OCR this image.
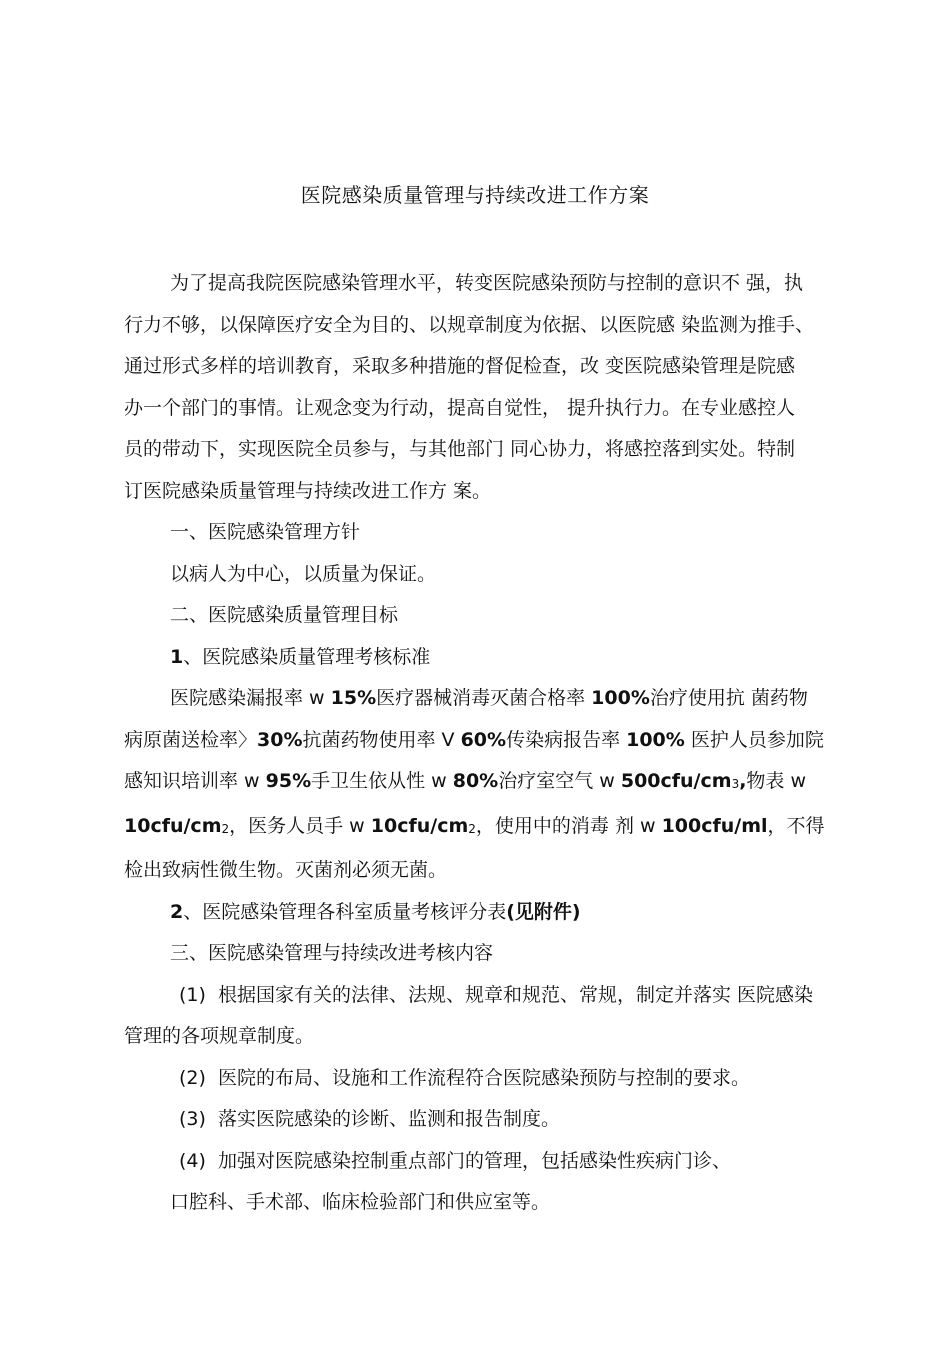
医院感染质量管理与持续改进工作方案

为了提高我院医院感染管理水平，转变医院感染预防与控制的意识不 强，执

行力不够，以保障医疗安全为目的、以规章制度为依据、以医院感 染监测为推手、

通过形式多样的培训教育，采取多种措施的督促检查，改 变医院感染管理是院感

办一个部门的事情。让观念变为行动，提高自觉性， 提升执行力。在专业感控人

员的带动下，实现医院全员参与，与其他部门 同心协力，将感控落到实处。特制

订医院感染质量管理与持续改进工作方 案。

一、医院感染管理方针

以病人为中心，以质量为保证。

二、医院感染质量管理目标

1、医院感染质量管理考核标准

医院感染漏报率 w 15%医疗器械消毒灭菌合格率 100%治疗使用抗 菌药物

病原菌送检率〉30%抗菌药物使用率 V 60%传染病报告率 100% 医护人员参加院

感知识培训率 w 95%手卫生依从性 w 80%治疗室空气 w $500cfu/cm_3$,物表 w

$10cfu/cm_2$，医务人员手 w $10cfu/cm_2$，使用中的消毒 剂 w 100cfu/ml，不得

检出致病性微生物。灭菌剂必须无菌。

2、医院感染管理各科室质量考核评分表(见附件)

三、医院感染管理与持续改进考核内容

(1) 根据国家有关的法律、法规、规章和规范、常规，制定并落实 医院感染

管理的各项规章制度。

(2) 医院的布局、设施和工作流程符合医院感染预防与控制的要求。

(3) 落实医院感染的诊断、监测和报告制度。

(4) 加强对医院感染控制重点部门的管理，包括感染性疾病门诊、

口腔科、手术部、临床检验部门和供应室等。
